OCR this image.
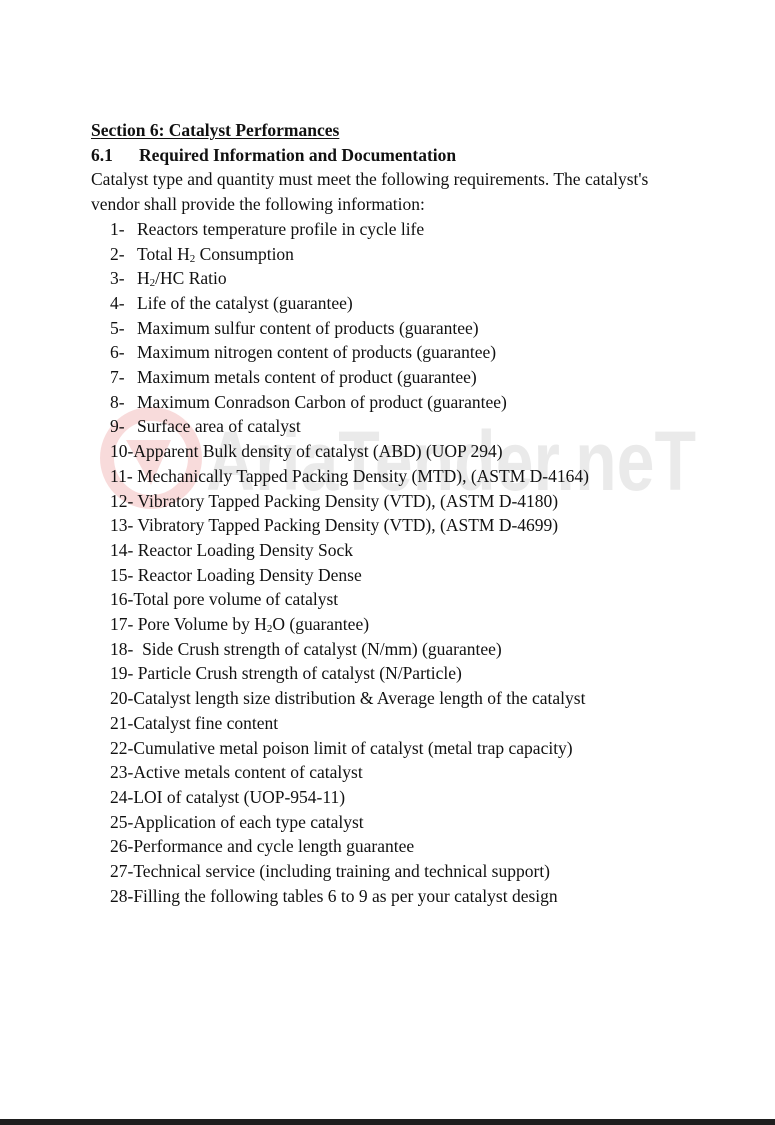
AriaTender.neT

Section 6: Catalyst Performances

6.1 Required Information and Documentation

Catalyst type and quantity must meet the following requirements. The catalyst's
vendor shall provide the following information:

1- Reactors temperature profile in cycle life
2- Total $H_2$ Consumption
3- $H_2/HC$ Ratio
4- Life of the catalyst (guarantee)
5- Maximum sulfur content of products (guarantee)
6- Maximum nitrogen content of products (guarantee)
7- Maximum metals content of product (guarantee)
8- Maximum Conradson Carbon of product (guarantee)
9- Surface area of catalyst
10-Apparent Bulk density of catalyst (ABD) (UOP 294)
11- Mechanically Tapped Packing Density (MTD), (ASTM D-4164)
12- Vibratory Tapped Packing Density (VTD), (ASTM D-4180)
13- Vibratory Tapped Packing Density (VTD), (ASTM D-4699)
14- Reactor Loading Density Sock
15- Reactor Loading Density Dense
16-Total pore volume of catalyst
17- Pore Volume by $H_2O$ (guarantee)
18-  Side Crush strength of catalyst (N/mm) (guarantee)
19- Particle Crush strength of catalyst (N/Particle)
20-Catalyst length size distribution & Average length of the catalyst
21-Catalyst fine content
22-Cumulative metal poison limit of catalyst (metal trap capacity)
23-Active metals content of catalyst
24-LOI of catalyst (UOP-954-11)
25-Application of each type catalyst
26-Performance and cycle length guarantee
27-Technical service (including training and technical support)
28-Filling the following tables 6 to 9 as per your catalyst design
